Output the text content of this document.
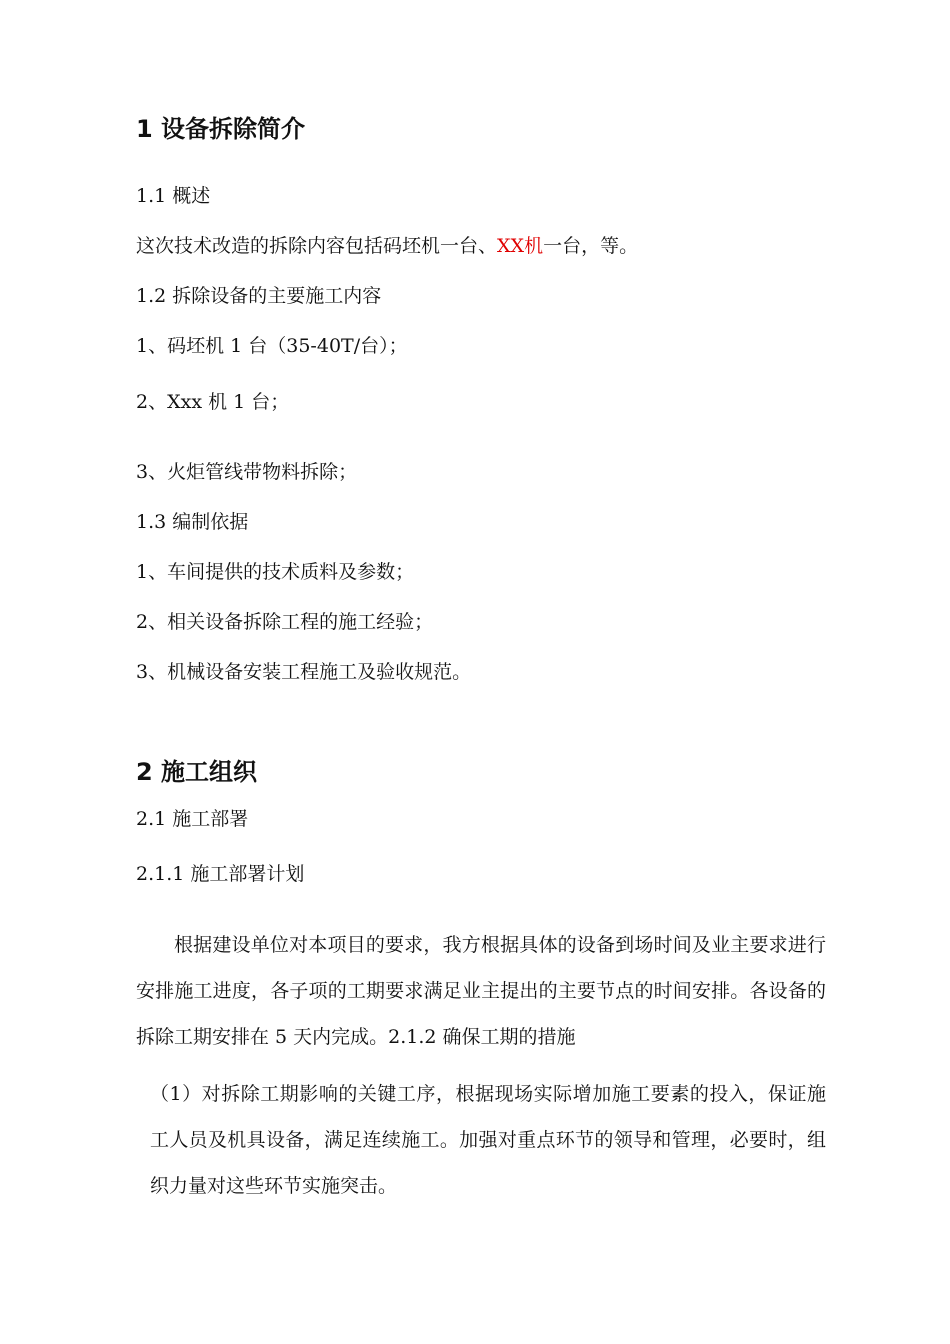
1 设备拆除简介
1.1 概述
这次技术改造的拆除内容包括码坯机一台、XX机一台，等。
1.2 拆除设备的主要施工内容
1、码坯机 1 台（35-40T/台）；
2、Xxx 机 1 台；
3、火炬管线带物料拆除；
1.3 编制依据
1、车间提供的技术质料及参数；
2、相关设备拆除工程的施工经验；
3、机械设备安装工程施工及验收规范。
2 施工组织
2.1 施工部署
2.1.1 施工部署计划
根据建设单位对本项目的要求，我方根据具体的设备到场时间及业主要求进行安排施工进度，各子项的工期要求满足业主提出的主要节点的时间安排。各设备的拆除工期安排在 5 天内完成。2.1.2 确保工期的措施
（1）对拆除工期影响的关键工序，根据现场实际增加施工要素的投入，保证施工人员及机具设备，满足连续施工。加强对重点环节的领导和管理，必要时，组织力量对这些环节实施突击。
